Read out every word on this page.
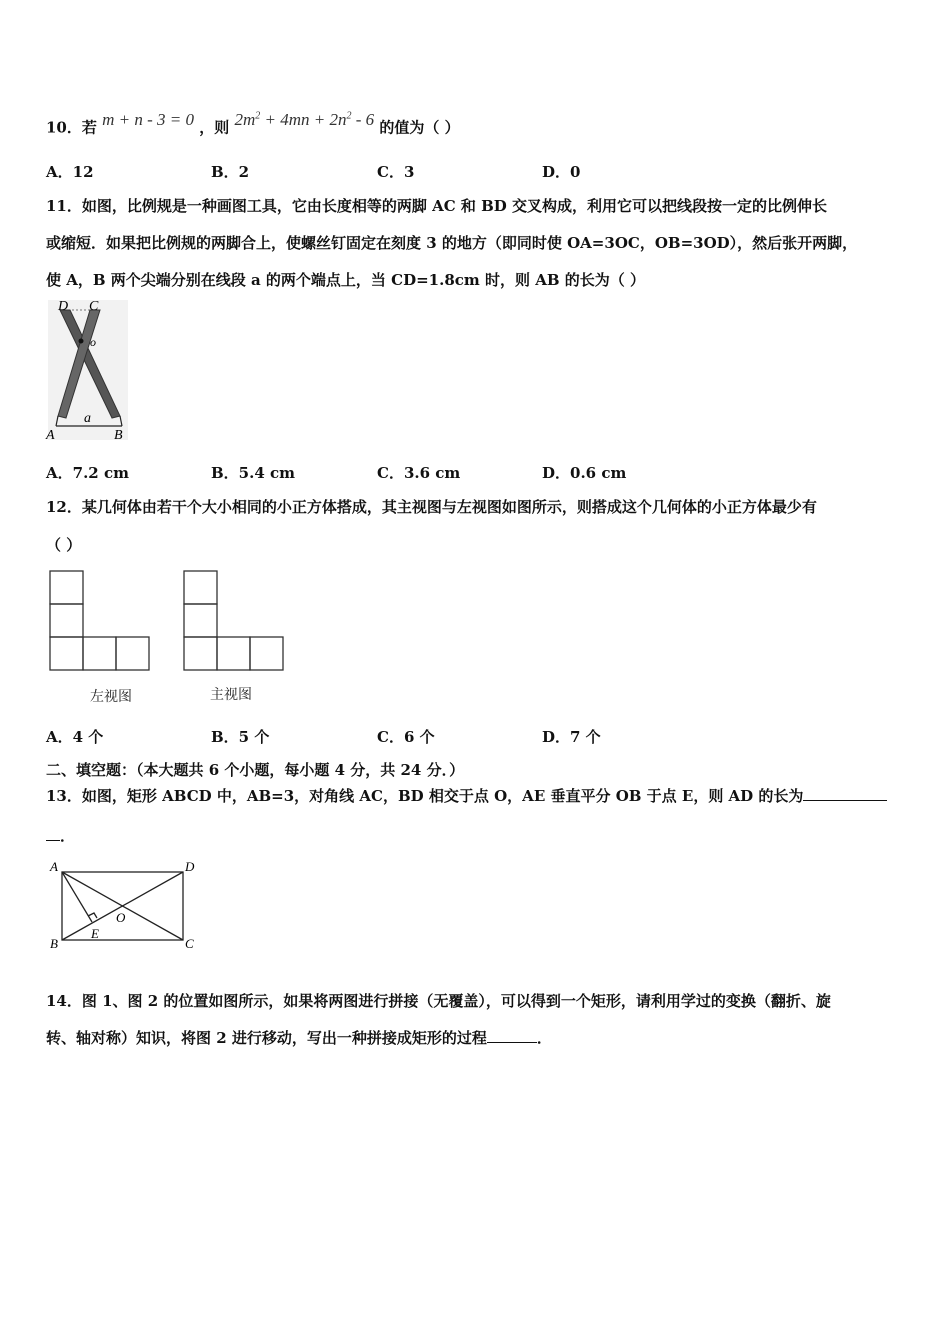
10．若 m + n - 3 = 0 ，则 $2m^2 + 4mn + 2n^2 - 6$ 的值为（ ）
A．12	B．2	C．3	D．0
11．如图，比例规是一种画图工具，它由长度相等的两脚 AC 和 BD 交叉构成，利用它可以把线段按一定的比例伸长
或缩短．如果把比例规的两脚合上，使螺丝钉固定在刻度 3 的地方（即同时使 OA=3OC，OB=3OD），然后张开两脚，
使 A，B 两个尖端分别在线段 a 的两个端点上，当 CD=1.8cm 时，则 AB 的长为（ ）
D C
o
a
A	B
A．7.2 cm	B．5.4 cm	C．3.6 cm	D．0.6 cm
12．某几何体由若干个大小相同的小正方体搭成，其主视图与左视图如图所示，则搭成这个几何体的小正方体最少有
（ ）
左视图	主视图
A．4 个	B．5 个	C．6 个	D．7 个
二、填空题：（本大题共 6 个小题，每小题 4 分，共 24 分．）
13．如图，矩形 ABCD 中，AB=3，对角线 AC，BD 相交于点 O，AE 垂直平分 OB 于点 E，则 AD 的长为
．
A	D
O
E
B	C
14．图 1、图 2 的位置如图所示，如果将两图进行拼接（无覆盖），可以得到一个矩形，请利用学过的变换（翻折、旋
转、轴对称）知识，将图 2 进行移动，写出一种拼接成矩形的过程	．
